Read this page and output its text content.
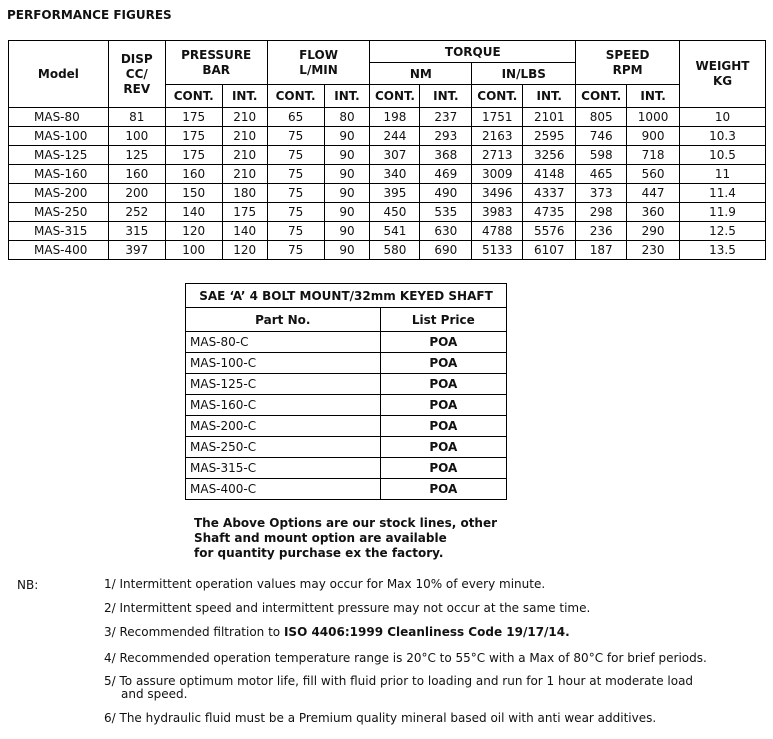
PERFORMANCE FIGURES
Model	DISP CC/ REV	PRESSURE BAR		FLOW L/MIN		TORQUE				SPEED RPM		WEIGHT KG
						NM		IN/LBS				
		CONT.	INT.	CONT.	INT.	CONT.	INT.	CONT.	INT.	CONT.	INT.	
MAS-80	81	175	210	65	80	198	237	1751	2101	805	1000	10
MAS-100	100	175	210	75	90	244	293	2163	2595	746	900	10.3
MAS-125	125	175	210	75	90	307	368	2713	3256	598	718	10.5
MAS-160	160	160	210	75	90	340	469	3009	4148	465	560	11
MAS-200	200	150	180	75	90	395	490	3496	4337	373	447	11.4
MAS-250	252	140	175	75	90	450	535	3983	4735	298	360	11.9
MAS-315	315	120	140	75	90	541	630	4788	5576	236	290	12.5
MAS-400	397	100	120	75	90	580	690	5133	6107	187	230	13.5
SAE ‘A’ 4 BOLT MOUNT/32mm KEYED SHAFT	
Part No.	List Price
MAS-80-C	POA
MAS-100-C	POA
MAS-125-C	POA
MAS-160-C	POA
MAS-200-C	POA
MAS-250-C	POA
MAS-315-C	POA
MAS-400-C	POA
The Above Options are our stock lines, other
Shaft and mount option are available
for quantity purchase ex the factory.
NB:	1/ Intermittent operation values may occur for Max 10% of every minute.
2/ Intermittent speed and intermittent pressure may not occur at the same time.
3/ Recommended filtration to ISO 4406:1999 Cleanliness Code 19/17/14.
4/ Recommended operation temperature range is 20°C to 55°C with a Max of 80°C for brief periods.
5/ To assure optimum motor life, fill with fluid prior to loading and run for 1 hour at moderate load
and speed.
6/ The hydraulic fluid must be a Premium quality mineral based oil with anti wear additives.
